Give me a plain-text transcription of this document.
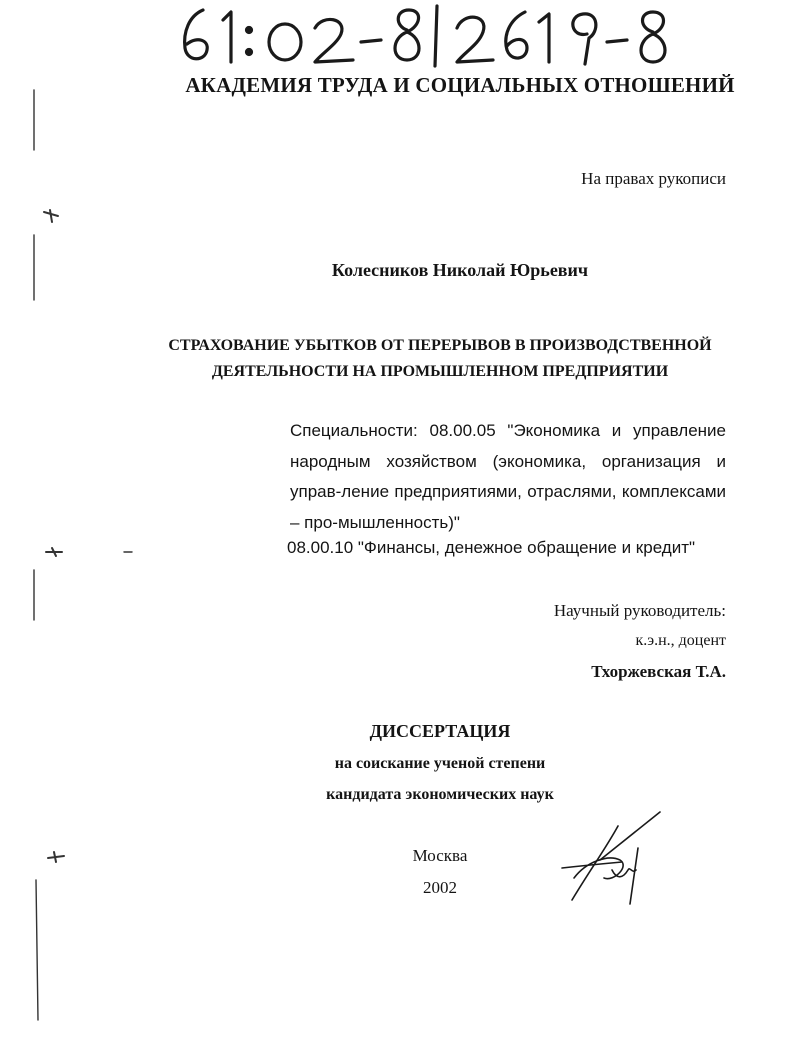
АКАДЕМИЯ ТРУДА И СОЦИАЛЬНЫХ ОТНОШЕНИЙ
На правах рукописи
Колесников Николай Юрьевич
СТРАХОВАНИЕ УБЫТКОВ ОТ ПЕРЕРЫВОВ В ПРОИЗВОДСТВЕННОЙ
ДЕЯТЕЛЬНОСТИ НА ПРОМЫШЛЕННОМ ПРЕДПРИЯТИИ
Специальности: 08.00.05 "Экономика и управление народным хозяйством (экономика, организация и управ-ление предприятиями, отраслями, комплексами – про-мышленность)"
08.00.10 "Финансы, денежное обращение и кредит"
Научный руководитель:
к.э.н., доцент
Тхоржевская Т.А.
ДИССЕРТАЦИЯ
на соискание ученой степени
кандидата экономических наук
Москва
2002
